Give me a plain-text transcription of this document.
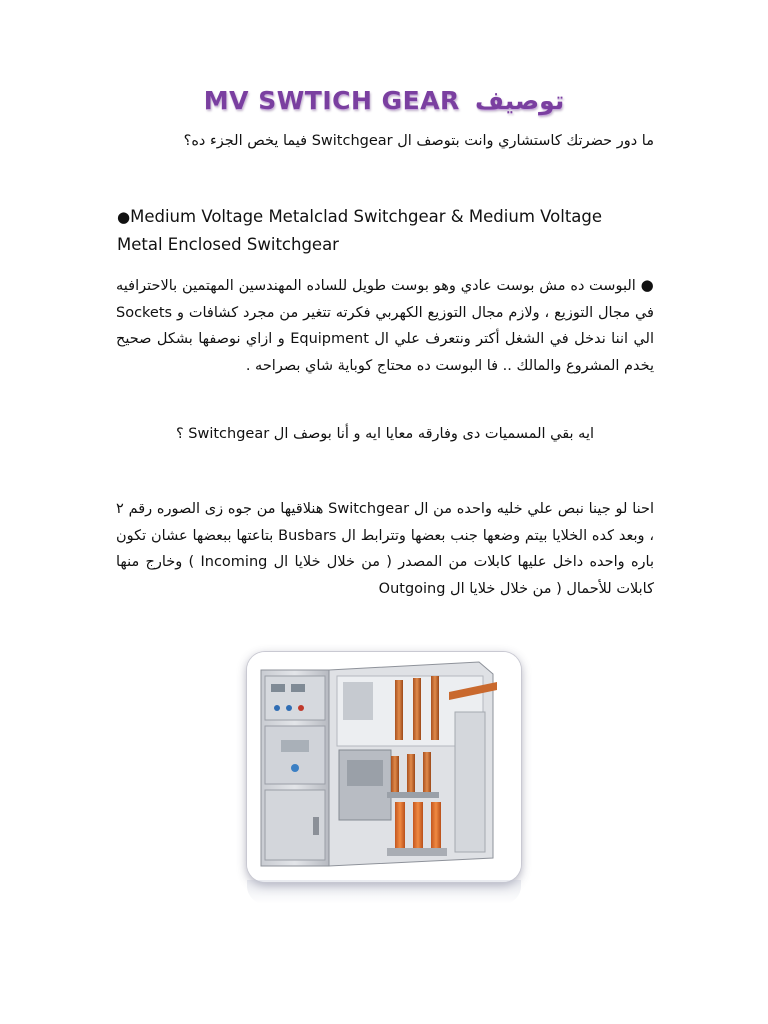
MV SWTICH GEAR توصيف

ما دور حضرتك كاستشاري وانت بتوصف ال Switchgear فيما يخص الجزء ده؟

●Medium Voltage Metalclad Switchgear & Medium Voltage Metal Enclosed Switchgear

● البوست ده مش بوست عادي وهو بوست طويل للساده المهندسين المهتمين بالاحترافيه في مجال التوزيع ، ولازم مجال التوزيع الكهربي فكرته تتغير من مجرد كشافات و Sockets الي اننا ندخل في الشغل أكتر ونتعرف علي ال Equipment و ازاي نوصفها بشكل صحيح يخدم المشروع والمالك .. فا البوست ده محتاج كوباية شاي بصراحه .

ايه بقي المسميات دى وفارقه معايا ايه و أنا بوصف ال Switchgear ؟

احنا لو جينا نبص علي خليه واحده من ال Switchgear هنلاقيها من جوه زى الصوره رقم ٢ ، وبعد كده الخلايا بيتم وضعها جنب بعضها وتترابط ال Busbars بتاعتها ببعضها عشان تكون باره واحده داخل عليها كابلات من المصدر ( من خلال خلايا ال Incoming ) وخارج منها كابلات للأحمال ( من خلال خلايا ال Outgoing
